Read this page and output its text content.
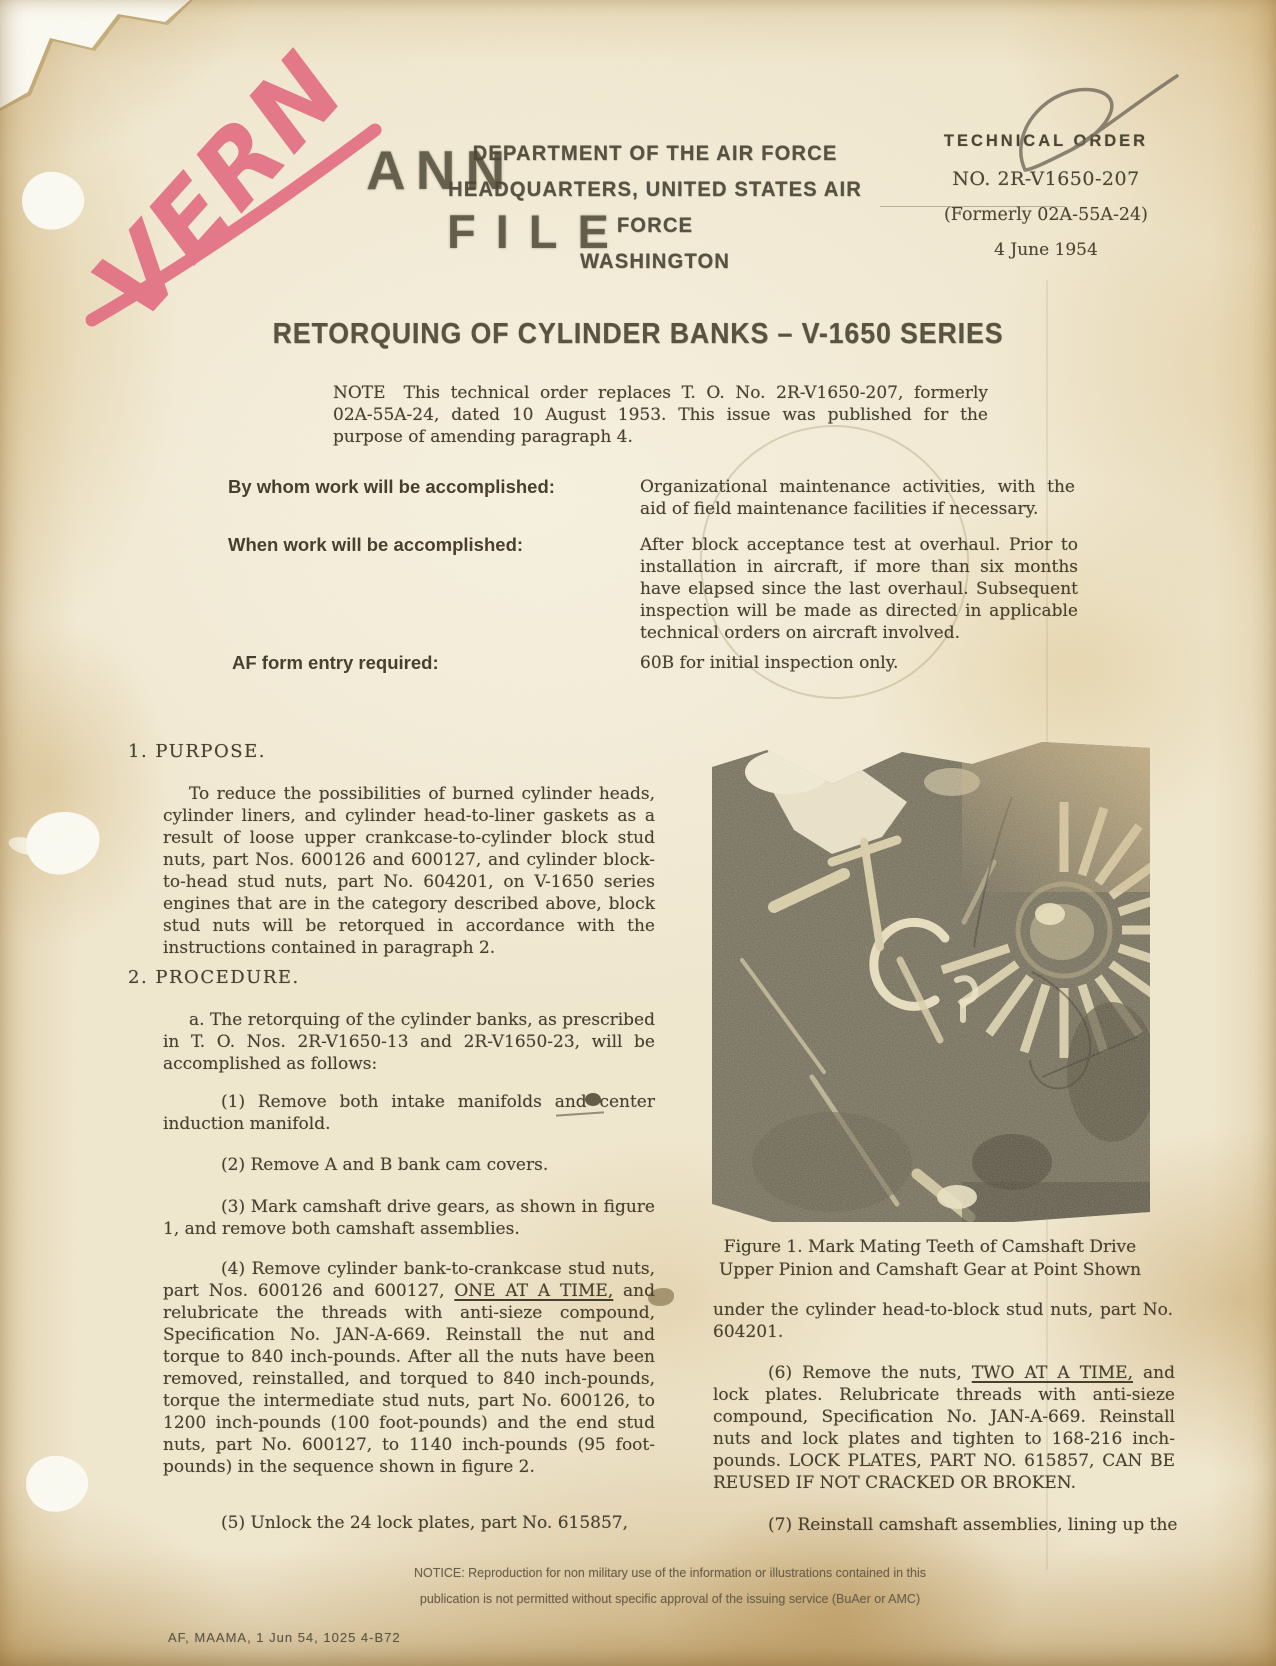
VERN
ANN
FILE
DEPARTMENT OF THE AIR FORCE
HEADQUARTERS, UNITED STATES AIR FORCE
WASHINGTON
TECHNICAL ORDER
NO. 2R-V1650-207
(Formerly 02A-55A-24)
4 June 1954
RETORQUING OF CYLINDER BANKS – V-1650 SERIES
NOTE This technical order replaces T. O. No. 2R-V1650-207, formerly 02A-55A-24, dated 10 August 1953. This issue was published for the purpose of amending paragraph 4.
By whom work will be accomplished:	Organizational maintenance activities, with the aid of field maintenance facilities if necessary.
When work will be accomplished:	After block acceptance test at overhaul. Prior to installation in aircraft, if more than six months have elapsed since the last overhaul. Subsequent inspection will be made as directed in applicable technical orders on aircraft involved.
AF form entry required:	60B for initial inspection only.
1. PURPOSE.
To reduce the possibilities of burned cylinder heads, cylinder liners, and cylinder head-to-liner gaskets as a result of loose upper crankcase-to-cylinder block stud nuts, part Nos. 600126 and 600127, and cylinder block-to-head stud nuts, part No. 604201, on V-1650 series engines that are in the category described above, block stud nuts will be retorqued in accordance with the instructions contained in paragraph 2.
2. PROCEDURE.
a. The retorquing of the cylinder banks, as prescribed in T. O. Nos. 2R-V1650-13 and 2R-V1650-23, will be accomplished as follows:
(1) Remove both intake manifolds and center induction manifold.
(2) Remove A and B bank cam covers.
(3) Mark camshaft drive gears, as shown in figure 1, and remove both camshaft assemblies.
(4) Remove cylinder bank-to-crankcase stud nuts, part Nos. 600126 and 600127, ONE AT A TIME, and relubricate the threads with anti-sieze compound, Specification No. JAN-A-669. Reinstall the nut and torque to 840 inch-pounds. After all the nuts have been removed, reinstalled, and torqued to 840 inch-pounds, torque the intermediate stud nuts, part No. 600126, to 1200 inch-pounds (100 foot-pounds) and the end stud nuts, part No. 600127, to 1140 inch-pounds (95 foot-pounds) in the sequence shown in figure 2.
(5) Unlock the 24 lock plates, part No. 615857,
Figure 1. Mark Mating Teeth of Camshaft Drive
Upper Pinion and Camshaft Gear at Point Shown
under the cylinder head-to-block stud nuts, part No. 604201.
(6) Remove the nuts, TWO AT A TIME, and lock plates. Relubricate threads with anti-sieze compound, Specification No. JAN-A-669. Reinstall nuts and lock plates and tighten to 168-216 inch-pounds. LOCK PLATES, PART NO. 615857, CAN BE REUSED IF NOT CRACKED OR BROKEN.
(7) Reinstall camshaft assemblies, lining up the
NOTICE: Reproduction for non military use of the information or illustrations contained in this
publication is not permitted without specific approval of the issuing service (BuAer or AMC)
AF, MAAMA, 1 Jun 54, 1025 4-B72
